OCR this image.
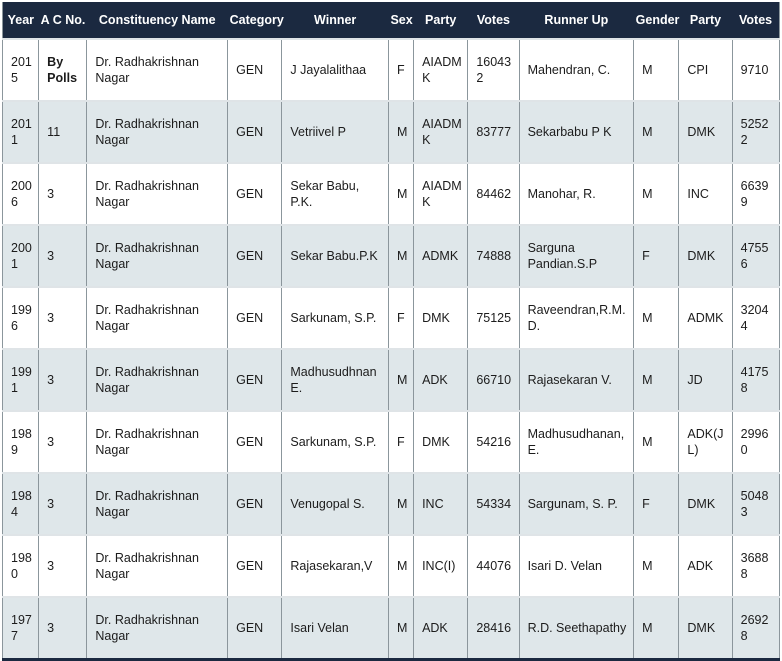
Year	A C No.	Constituency Name	Category	Winner	Sex	Party	Votes	Runner Up	Gender	Party	Votes
2015	By Polls	Dr. Radhakrishnan Nagar	GEN	J Jayalalithaa	F	AIADMK	160432	Mahendran, C.	M	CPI	9710
2011	11	Dr. Radhakrishnan Nagar	GEN	Vetriivel P	M	AIADMK	83777	Sekarbabu P K	M	DMK	52522
2006	3	Dr. Radhakrishnan Nagar	GEN	Sekar Babu, P.K.	M	AIADMK	84462	Manohar, R.	M	INC	66399
2001	3	Dr. Radhakrishnan Nagar	GEN	Sekar Babu.P.K	M	ADMK	74888	Sarguna Pandian.S.P	F	DMK	47556
1996	3	Dr. Radhakrishnan Nagar	GEN	Sarkunam, S.P.	F	DMK	75125	Raveendran,R.M.D.	M	ADMK	32044
1991	3	Dr. Radhakrishnan Nagar	GEN	Madhusudhnan E.	M	ADK	66710	Rajasekaran V.	M	JD	41758
1989	3	Dr. Radhakrishnan Nagar	GEN	Sarkunam, S.P.	F	DMK	54216	Madhusudhanan, E.	M	ADK(JL)	29960
1984	3	Dr. Radhakrishnan Nagar	GEN	Venugopal S.	M	INC	54334	Sargunam, S. P.	F	DMK	50483
1980	3	Dr. Radhakrishnan Nagar	GEN	Rajasekaran,V	M	INC(I)	44076	Isari D. Velan	M	ADK	36888
1977	3	Dr. Radhakrishnan Nagar	GEN	Isari Velan	M	ADK	28416	R.D. Seethapathy	M	DMK	26928
